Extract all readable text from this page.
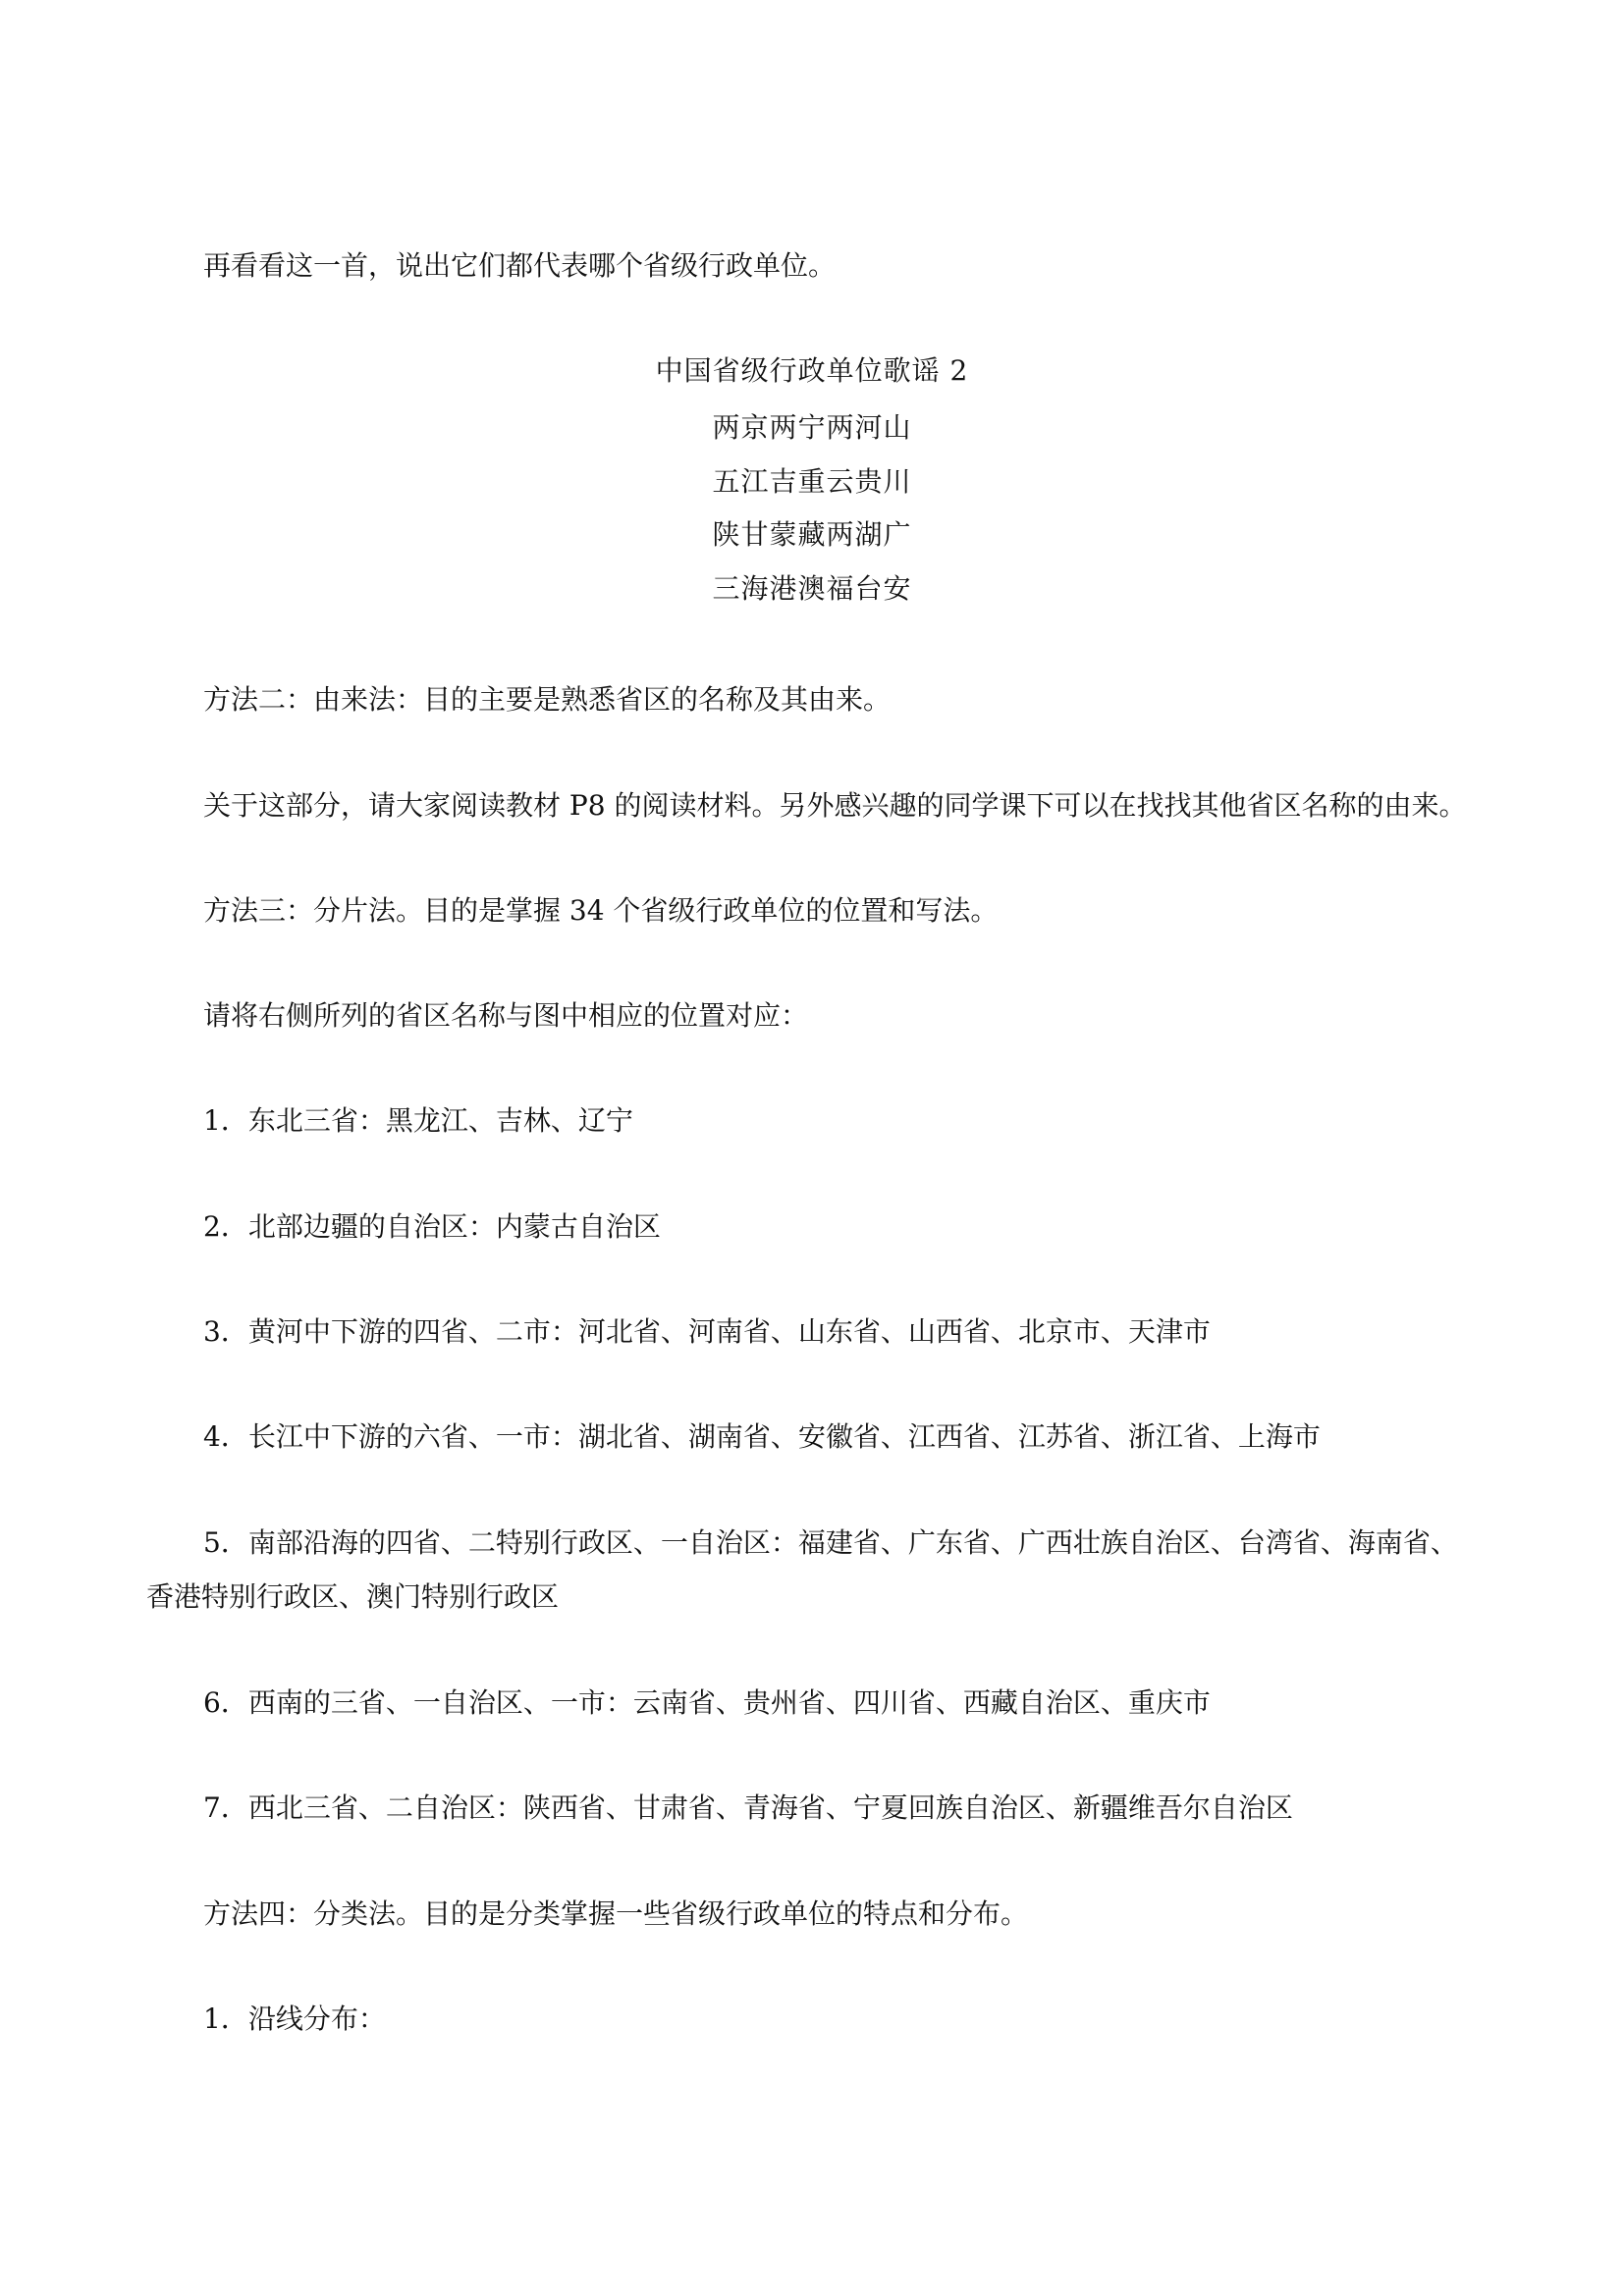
再看看这一首，说出它们都代表哪个省级行政单位。

中国省级行政单位歌谣 2

两京两宁两河山

五江吉重云贵川

陕甘蒙藏两湖广

三海港澳福台安

方法二：由来法：目的主要是熟悉省区的名称及其由来。

关于这部分，请大家阅读教材 P8 的阅读材料。另外感兴趣的同学课下可以在找找其他省区名称的由来。

方法三：分片法。目的是掌握 34 个省级行政单位的位置和写法。

请将右侧所列的省区名称与图中相应的位置对应：

1．东北三省：黑龙江、吉林、辽宁

2．北部边疆的自治区：内蒙古自治区

3．黄河中下游的四省、二市：河北省、河南省、山东省、山西省、北京市、天津市

4．长江中下游的六省、一市：湖北省、湖南省、安徽省、江西省、江苏省、浙江省、上海市

5．南部沿海的四省、二特别行政区、一自治区：福建省、广东省、广西壮族自治区、台湾省、海南省、

香港特别行政区、澳门特别行政区

6．西南的三省、一自治区、一市：云南省、贵州省、四川省、西藏自治区、重庆市

7．西北三省、二自治区：陕西省、甘肃省、青海省、宁夏回族自治区、新疆维吾尔自治区

方法四：分类法。目的是分类掌握一些省级行政单位的特点和分布。

1．沿线分布：
